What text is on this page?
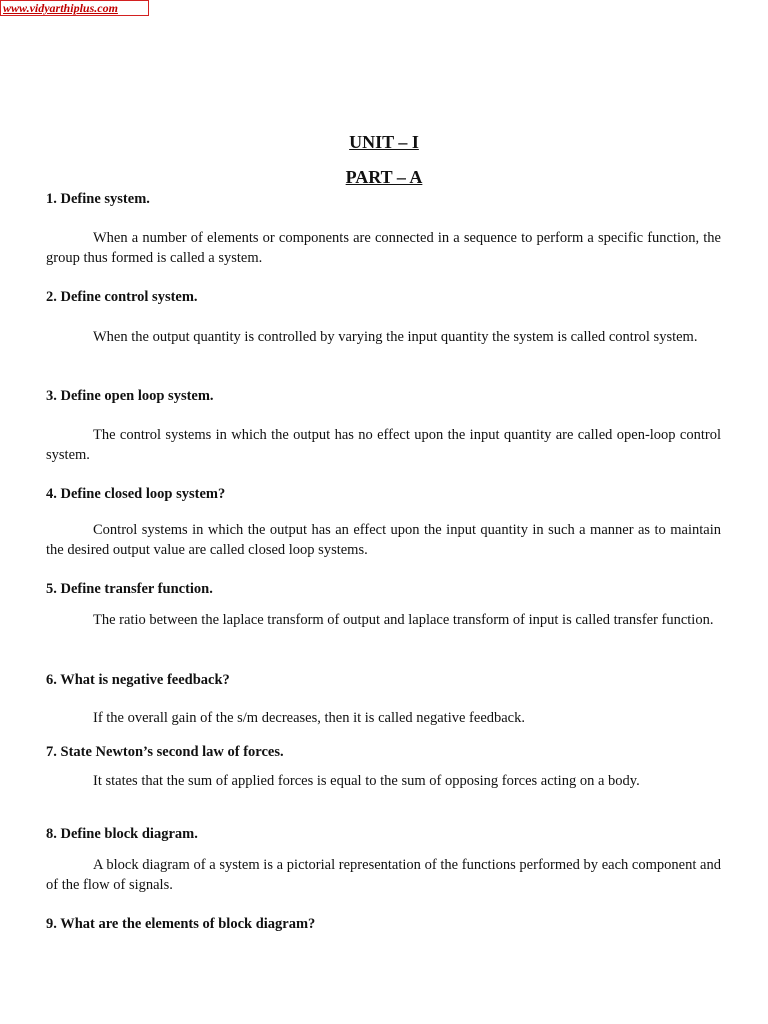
www.vidyarthiplus.com
UNIT – I
PART – A
1. Define system.
When a number of elements or components are connected in a sequence to perform a specific function, the group thus formed is called a system.
2. Define control system.
When the output quantity is controlled by varying the input quantity the system is called control system.
3. Define open loop system.
The control systems in which the output has no effect upon the input quantity are called open-loop control system.
4. Define closed loop system?
Control systems in which the output has an effect upon the input quantity in such a manner as to maintain the desired output value are called closed loop systems.
5. Define transfer function.
The ratio between the laplace transform of output and laplace transform of input is called transfer function.
6. What is negative feedback?
If the overall gain of the s/m decreases, then it is called negative feedback.
7. State Newton’s second law of forces.
It states that the sum of applied forces is equal to the sum of opposing forces acting on a body.
8. Define block diagram.
A block diagram of a system is a pictorial representation of the functions performed by each component and of the flow of signals.
9. What are the elements of block diagram?
